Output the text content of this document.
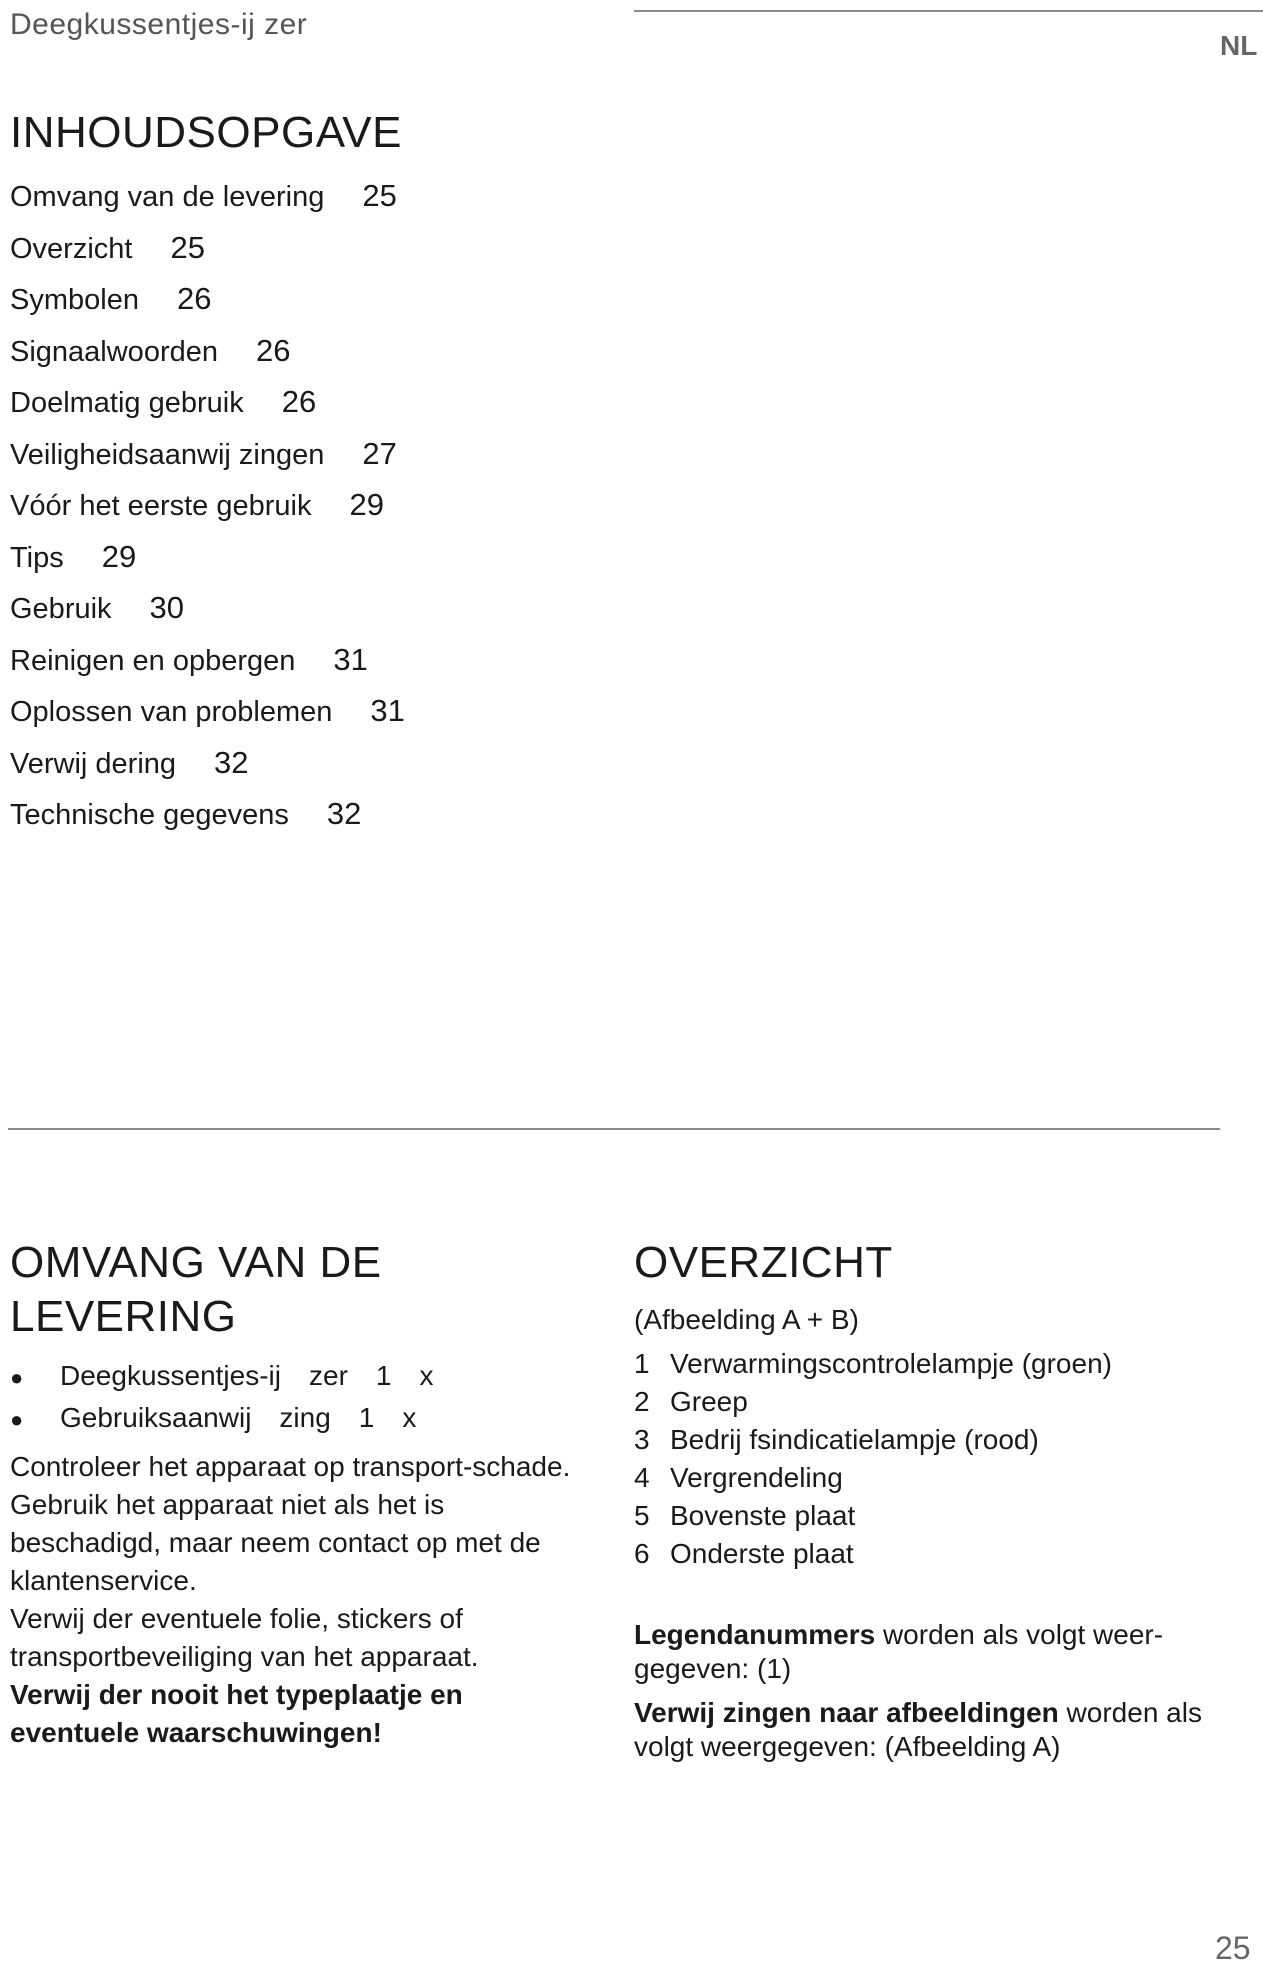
Deegkussentjes-ij zer
NL
INHOUDSOPGAVE
Omvang van de levering 25
Overzicht 25
Symbolen 26
Signaalwoorden 26
Doelmatig gebruik 26
Veiligheidsaanwij zingen 27
Vóór het eerste gebruik 29
Tips 29
Gebruik 30
Reinigen en opbergen 31
Oplossen van problemen 31
Verwij dering 32
Technische gegevens 32
OMVANG VAN DE
LEVERING
●	Deegkussentjes-ij zer 1 x
●	Gebruiksaanwij zing 1 x

Controleer het apparaat op transport-schade. Gebruik het apparaat niet als het is beschadigd, maar neem contact op met de klantenservice.

Verwij der eventuele folie, stickers of transportbeveiliging van het apparaat.

Verwij der nooit het typeplaatje en eventuele waarschuwingen!

OVERZICHT
(Afbeelding A + B)
1 Verwarmingscontrolelampje (groen)
2 Greep
3 Bedrij fsindicatielampje (rood)
4 Vergrendeling
5 Bovenste plaat
6 Onderste plaat

Legendanummers worden als volgt weer-gegeven: (1)

Verwij zingen naar afbeeldingen worden als volgt weergegeven: (Afbeelding A)

25
